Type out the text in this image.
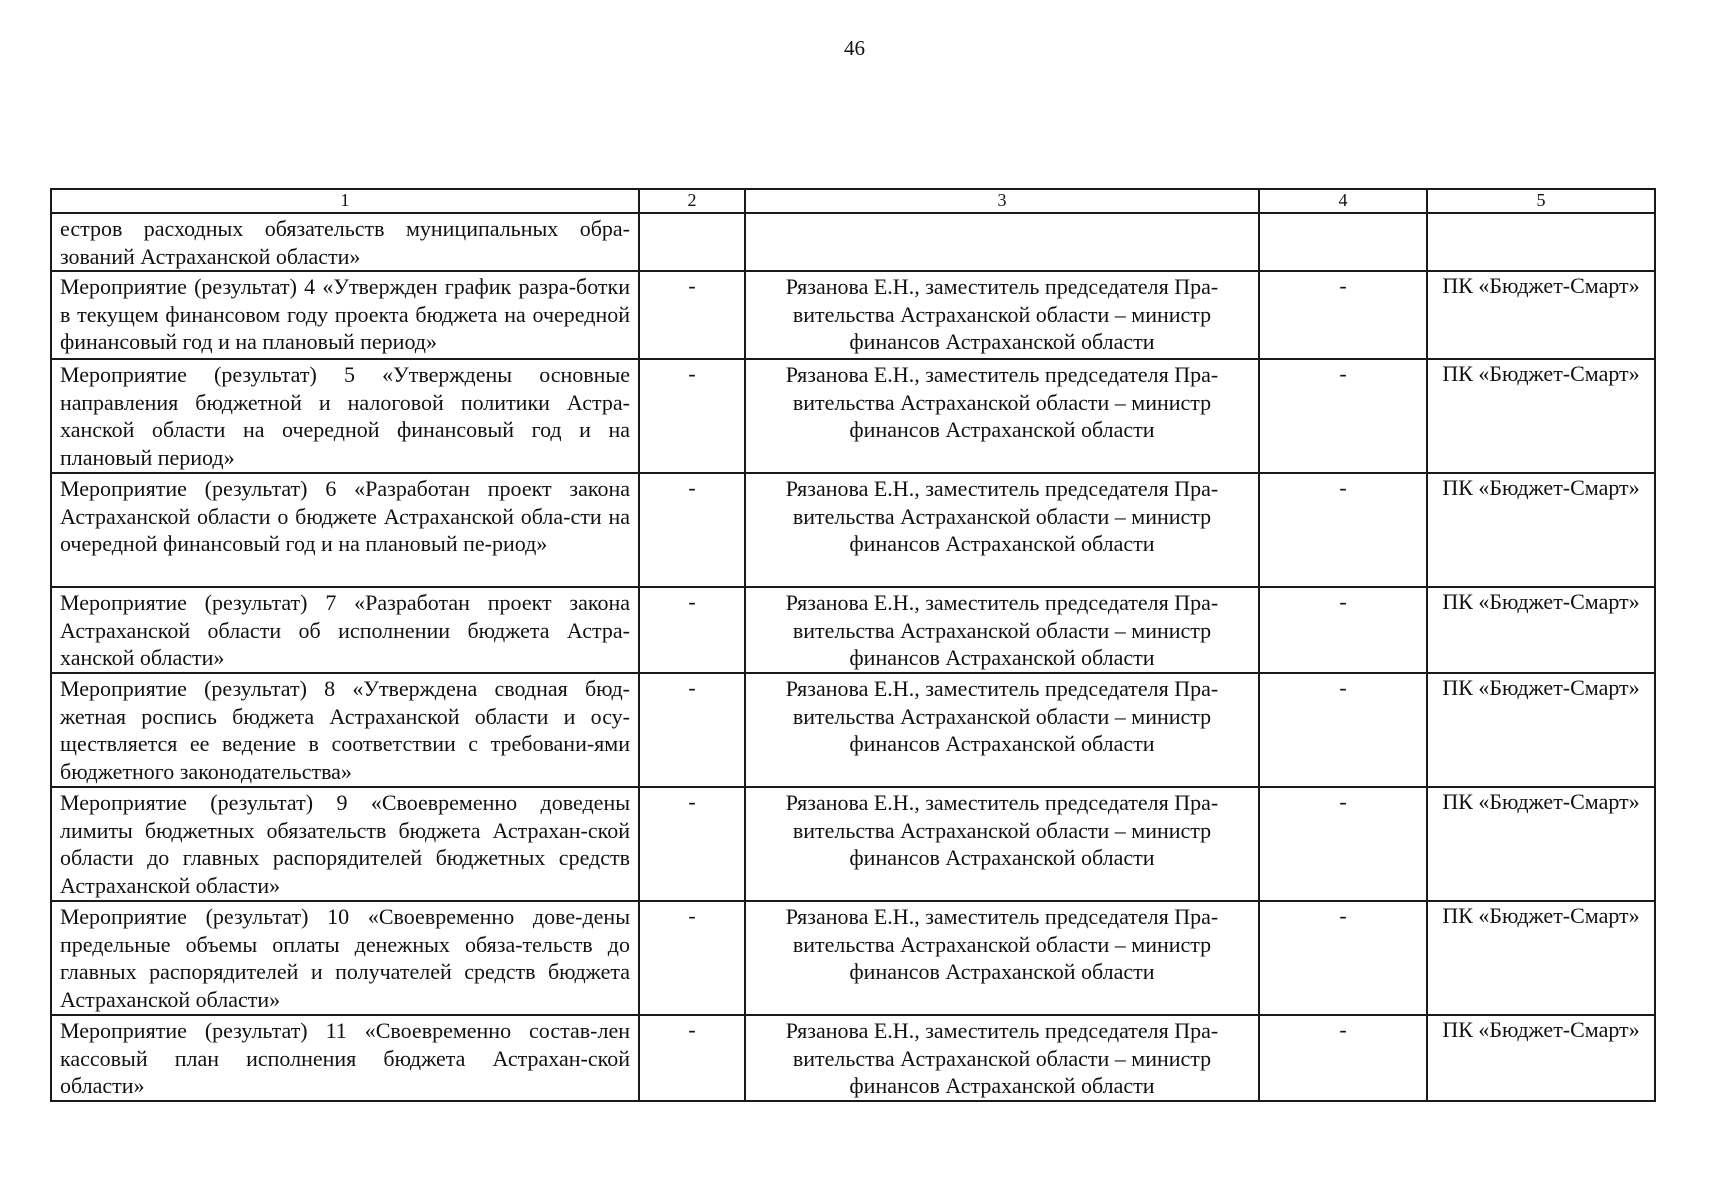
46
1	2	3	4	5
естров расходных обязательств муниципальных обра-зований Астраханской области»				
Мероприятие (результат) 4 «Утвержден график разра-ботки в текущем финансовом году проекта бюджета на очередной финансовый год и на плановый период»	-	Рязанова Е.Н., заместитель председателя Пра-вительства Астраханской области – министр финансов Астраханской области	-	ПК «Бюджет-Смарт»
Мероприятие (результат) 5 «Утверждены основные направления бюджетной и налоговой политики Астра-ханской области на очередной финансовый год и на плановый период»	-	Рязанова Е.Н., заместитель председателя Пра-вительства Астраханской области – министр финансов Астраханской области	-	ПК «Бюджет-Смарт»
Мероприятие (результат) 6 «Разработан проект закона Астраханской области о бюджете Астраханской обла-сти на очередной финансовый год и на плановый пе-риод»	-	Рязанова Е.Н., заместитель председателя Пра-вительства Астраханской области – министр финансов Астраханской области	-	ПК «Бюджет-Смарт»
Мероприятие (результат) 7 «Разработан проект закона Астраханской области об исполнении бюджета Астра-ханской области»	-	Рязанова Е.Н., заместитель председателя Пра-вительства Астраханской области – министр финансов Астраханской области	-	ПК «Бюджет-Смарт»
Мероприятие (результат) 8 «Утверждена сводная бюд-жетная роспись бюджета Астраханской области и осу-ществляется ее ведение в соответствии с требовани-ями бюджетного законодательства»	-	Рязанова Е.Н., заместитель председателя Пра-вительства Астраханской области – министр финансов Астраханской области	-	ПК «Бюджет-Смарт»
Мероприятие (результат) 9 «Своевременно доведены лимиты бюджетных обязательств бюджета Астрахан-ской области до главных распорядителей бюджетных средств Астраханской области»	-	Рязанова Е.Н., заместитель председателя Пра-вительства Астраханской области – министр финансов Астраханской области	-	ПК «Бюджет-Смарт»
Мероприятие (результат) 10 «Своевременно дове-дены предельные объемы оплаты денежных обяза-тельств до главных распорядителей и получателей средств бюджета Астраханской области»	-	Рязанова Е.Н., заместитель председателя Пра-вительства Астраханской области – министр финансов Астраханской области	-	ПК «Бюджет-Смарт»
Мероприятие (результат) 11 «Своевременно состав-лен кассовый план исполнения бюджета Астрахан-ской области»	-	Рязанова Е.Н., заместитель председателя Пра-вительства Астраханской области – министр финансов Астраханской области	-	ПК «Бюджет-Смарт»
